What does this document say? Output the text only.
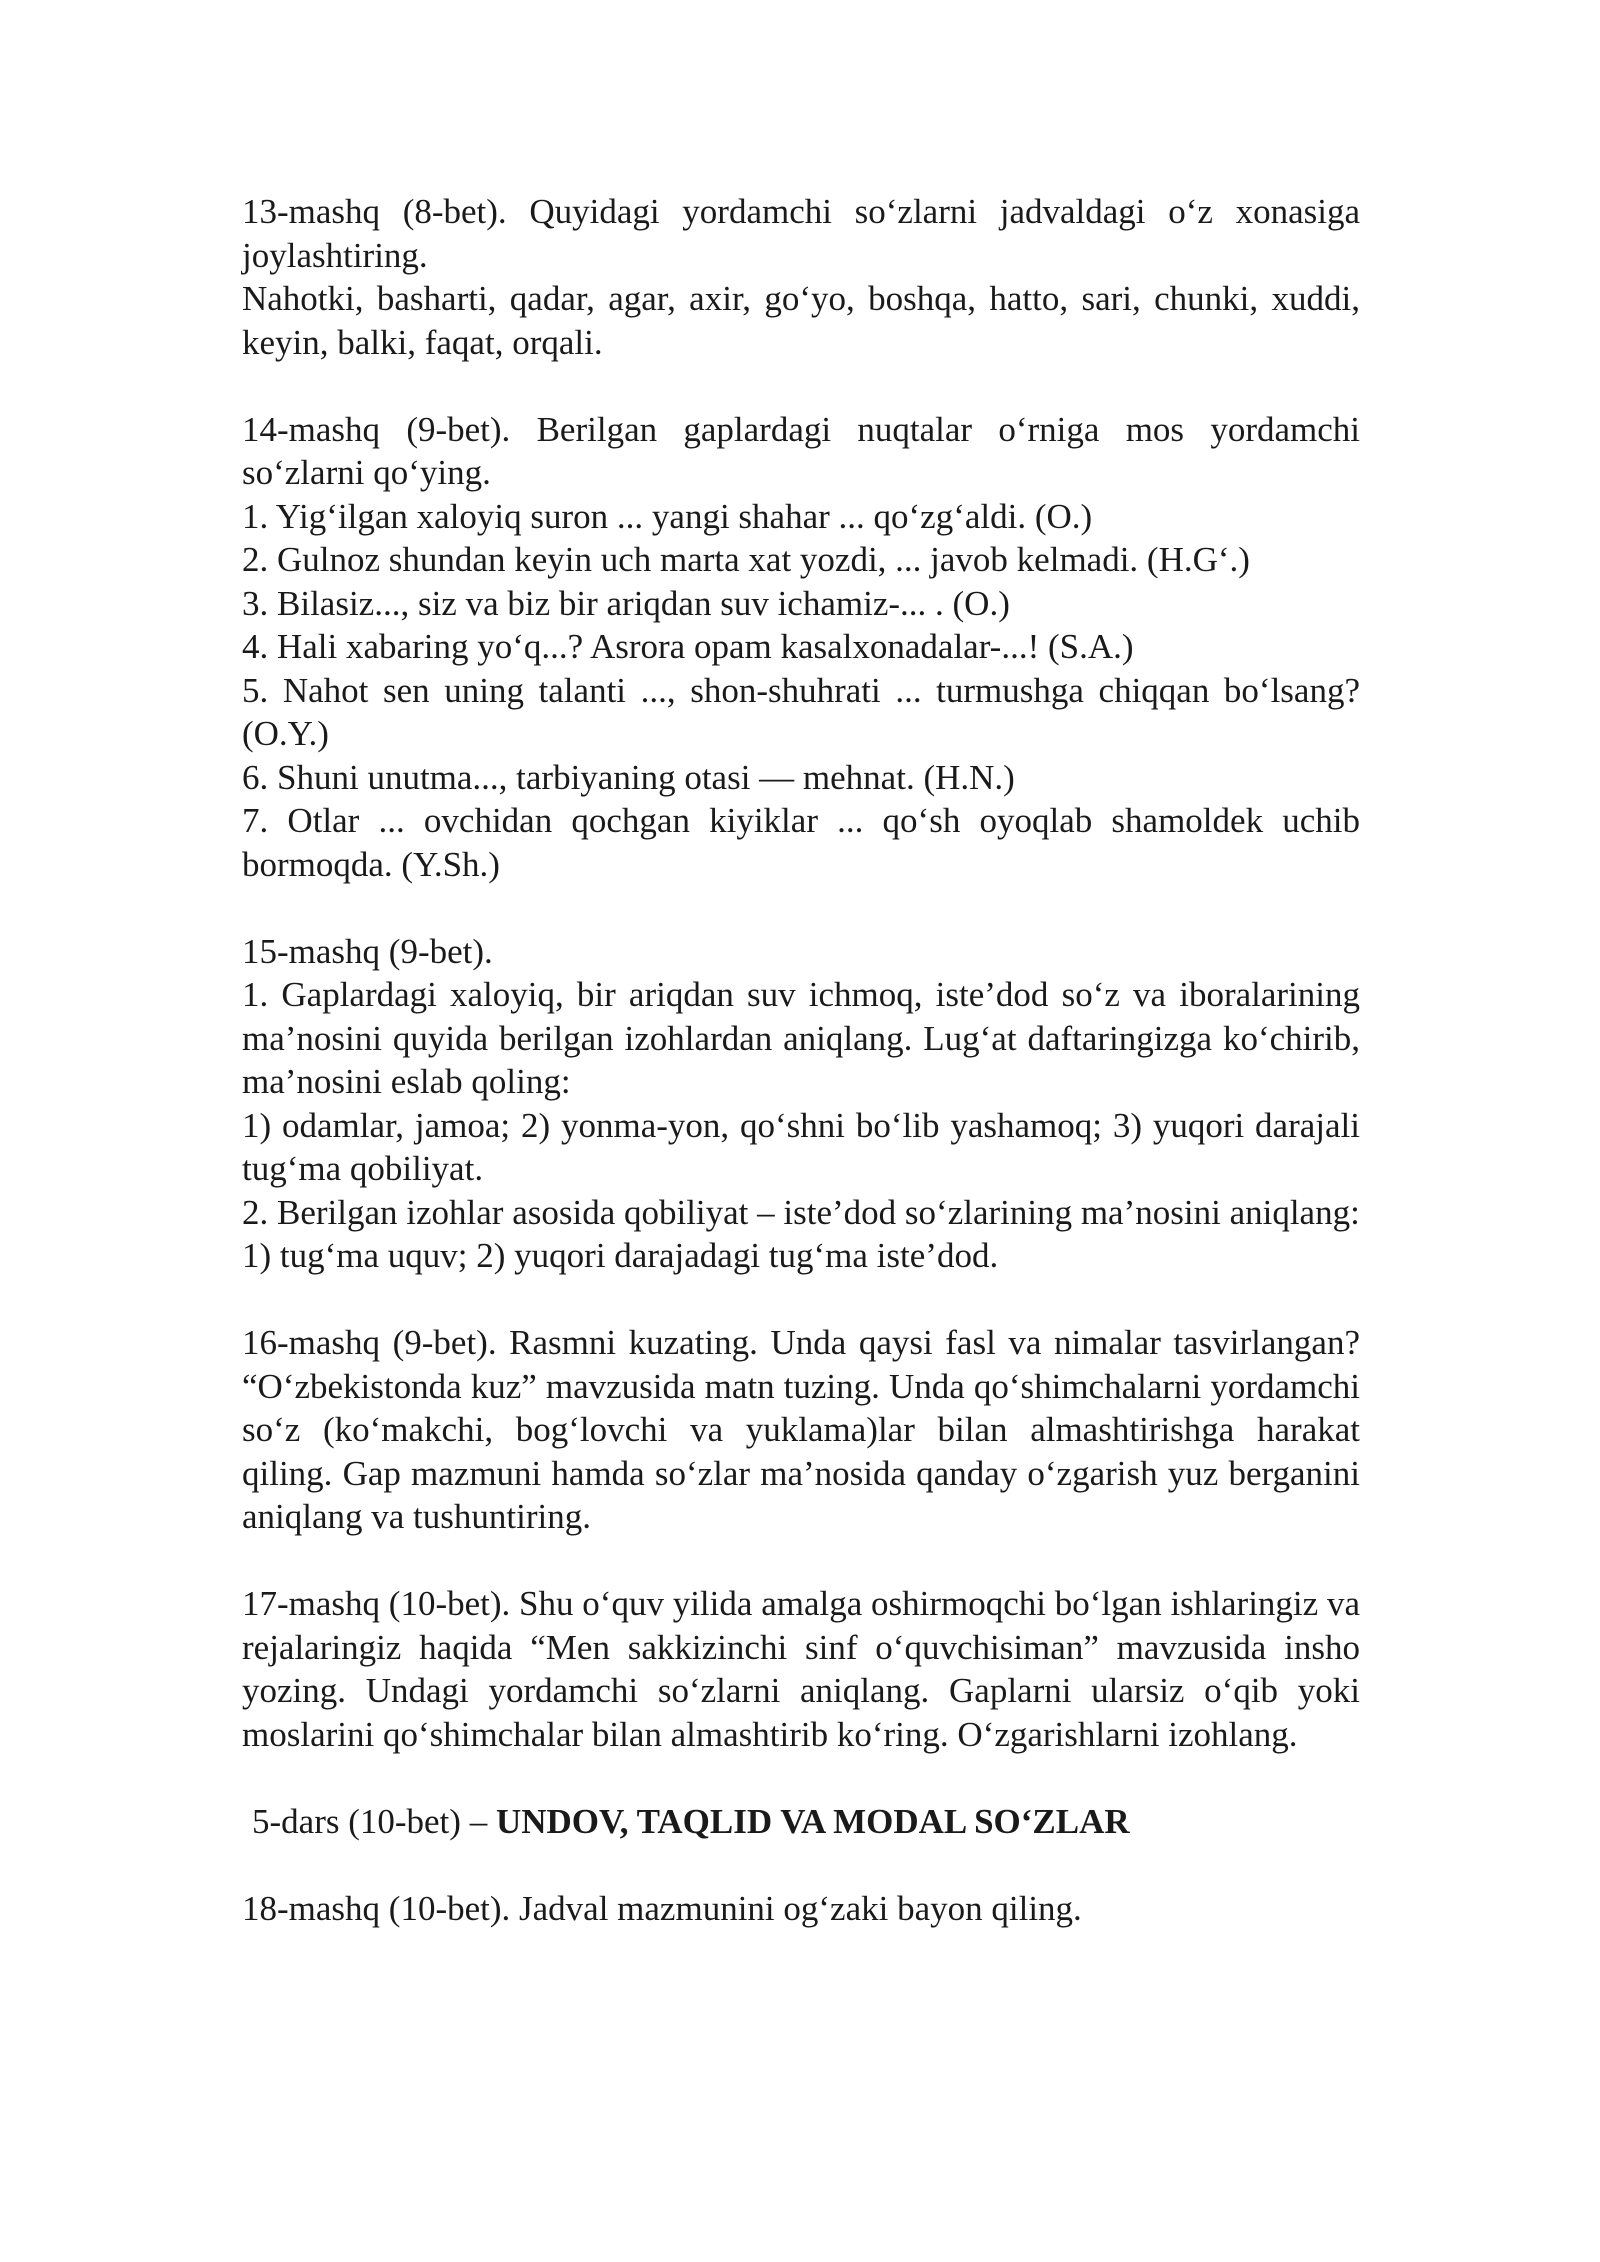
13-mashq (8-bet). Quyidagi yordamchi so‘zlarni jadvaldagi o‘z xonasiga joylashtiring.

Nahotki, basharti, qadar, agar, axir, go‘yo, boshqa, hatto, sari, chunki, xuddi, keyin, balki, faqat, orqali.

14-mashq (9-bet). Berilgan gaplardagi nuqtalar o‘rniga mos yordamchi so‘zlarni qo‘ying.

1. Yig‘ilgan xaloyiq suron ... yangi shahar ... qo‘zg‘aldi. (O.)

2. Gulnoz shundan keyin uch marta xat yozdi, ... javob kelmadi. (H.G‘.)

3. Bilasiz..., siz va biz bir ariqdan suv ichamiz-... . (O.)

4. Hali xabaring yo‘q...? Asrora opam kasalxonadalar-...! (S.A.)

5. Nahot sen uning talanti ..., shon-shuhrati ... turmushga chiqqan bo‘lsang? (O.Y.)

6. Shuni unutma..., tarbiyaning otasi — mehnat. (H.N.)

7. Otlar ... ovchidan qochgan kiyiklar ... qo‘sh oyoqlab shamoldek uchib bormoqda. (Y.Sh.)

15-mashq (9-bet).

1. Gaplardagi xaloyiq, bir ariqdan suv ichmoq, iste’dod so‘z va iboralarining ma’nosini quyida berilgan izohlardan aniqlang. Lug‘at daftaringizga ko‘chirib, ma’nosini eslab qoling:

1) odamlar, jamoa; 2) yonma-yon, qo‘shni bo‘lib yashamoq; 3) yuqori darajali tug‘ma qobiliyat.

2. Berilgan izohlar asosida qobiliyat – iste’dod so‘zlarining ma’nosini aniqlang:

1) tug‘ma uquv; 2) yuqori darajadagi tug‘ma iste’dod.

16-mashq (9-bet). Rasmni kuzating. Unda qaysi fasl va nimalar tasvirlangan? “O‘zbekistonda kuz” mavzusida matn tuzing. Unda qo‘shimchalarni yordamchi so‘z (ko‘makchi, bog‘lovchi va yuklama)lar bilan almashtirishga harakat qiling. Gap mazmuni hamda so‘zlar ma’nosida qanday o‘zgarish yuz berganini aniqlang va tushuntiring.

17-mashq (10-bet). Shu o‘quv yilida amalga oshirmoqchi bo‘lgan ishlaringiz va rejalaringiz haqida “Men sakkizinchi sinf o‘quvchisiman” mavzusida insho yozing. Undagi yordamchi so‘zlarni aniqlang. Gaplarni ularsiz o‘qib yoki moslarini qo‘shimchalar bilan almashtirib ko‘ring. O‘zgarishlarni izohlang.

5-dars (10-bet) – UNDOV, TAQLID VA MODAL SO‘ZLAR

18-mashq (10-bet). Jadval mazmunini og‘zaki bayon qiling.
